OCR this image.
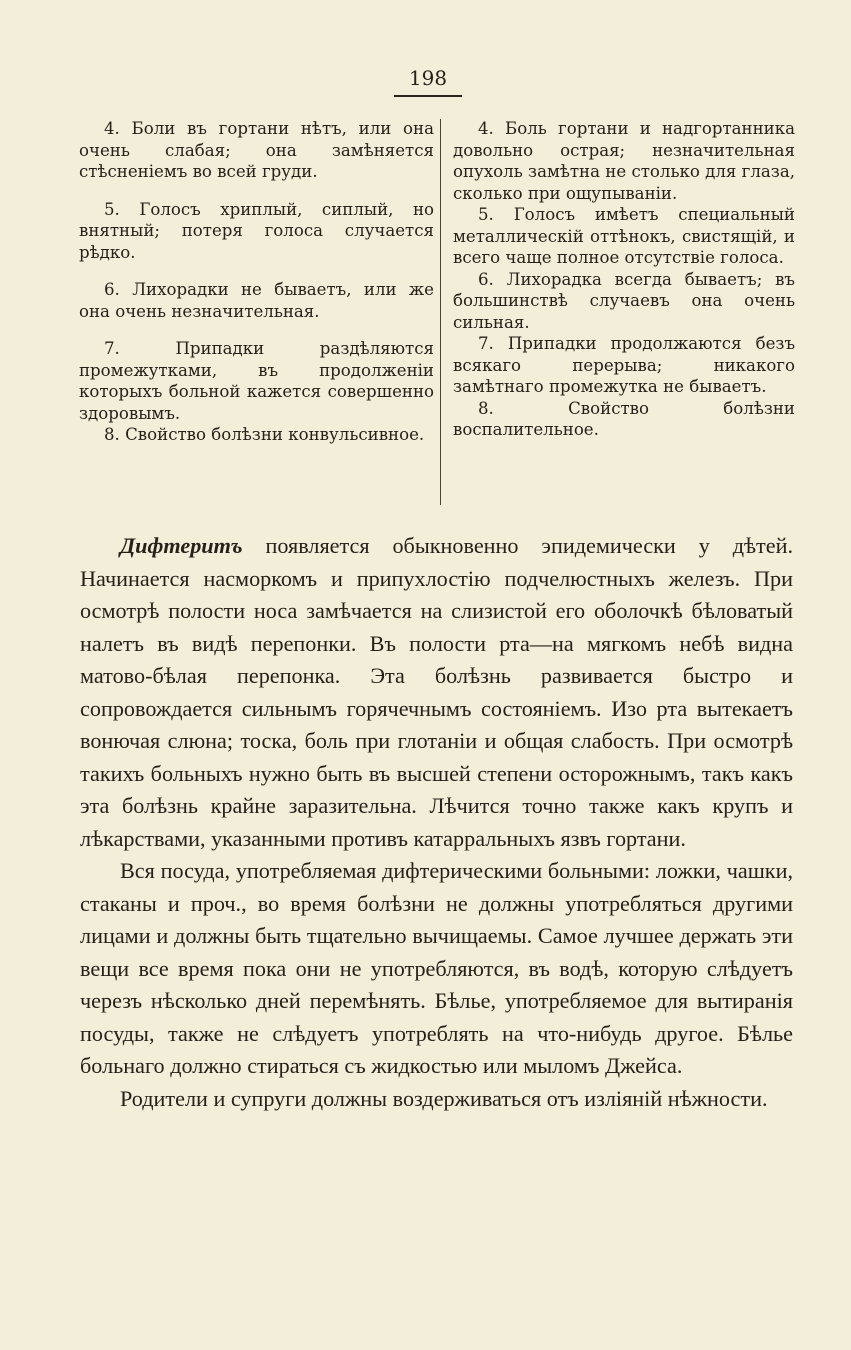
198

4. Боли въ гортани нѣтъ, или она очень слабая; она замѣняется стѣсненіемъ во всей груди.

5. Голосъ хриплый, сиплый, но внятный; потеря голоса случается рѣдко.

6. Лихорадки не бываетъ, или же она очень незначительная.

7. Припадки раздѣляются промежутками, въ продолженіи которыхъ больной кажется совершенно здоровымъ.

8. Свойство болѣзни конвульсивное.

4. Боль гортани и надгортанника довольно острая; незначительная опухоль замѣтна не столько для глаза, сколько при ощупываніи.

5. Голосъ имѣетъ специальный металлическій оттѣнокъ, свистящій, и всего чаще полное отсутствіе голоса.

6. Лихорадка всегда бываетъ; въ большинствѣ случаевъ она очень сильная.

7. Припадки продолжаются безъ всякаго перерыва; никакого замѣтнаго промежутка не бываетъ.

8. Свойство болѣзни воспалительное.

Дифтеритъ появляется обыкновенно эпидемически у дѣтей. Начинается насморкомъ и припухлостію подчелюстныхъ железъ. При осмотрѣ полости носа замѣчается на слизистой его оболочкѣ бѣловатый налетъ въ видѣ перепонки. Въ полости рта—на мягкомъ небѣ видна матово-бѣлая перепонка. Эта болѣзнь развивается быстро и сопровождается сильнымъ горячечнымъ состояніемъ. Изо рта вытекаетъ вонючая слюна; тоска, боль при глотаніи и общая слабость. При осмотрѣ такихъ больныхъ нужно быть въ высшей степени осторожнымъ, такъ какъ эта болѣзнь крайне заразительна. Лѣчится точно также какъ крупъ и лѣкарствами, указанными противъ катарральныхъ язвъ гортани.

Вся посуда, употребляемая дифтерическими больными: ложки, чашки, стаканы и проч., во время болѣзни не должны употребляться другими лицами и должны быть тщательно вычищаемы. Самое лучшее держать эти вещи все время пока они не употребляются, въ водѣ, которую слѣдуетъ черезъ нѣсколько дней перемѣнять. Бѣлье, употребляемое для вытиранія посуды, также не слѣдуетъ употреблять на что-нибудь другое. Бѣлье больнаго должно стираться съ жидкостью или мыломъ Джейса.

Родители и супруги должны воздерживаться отъ изліяній нѣжности.
